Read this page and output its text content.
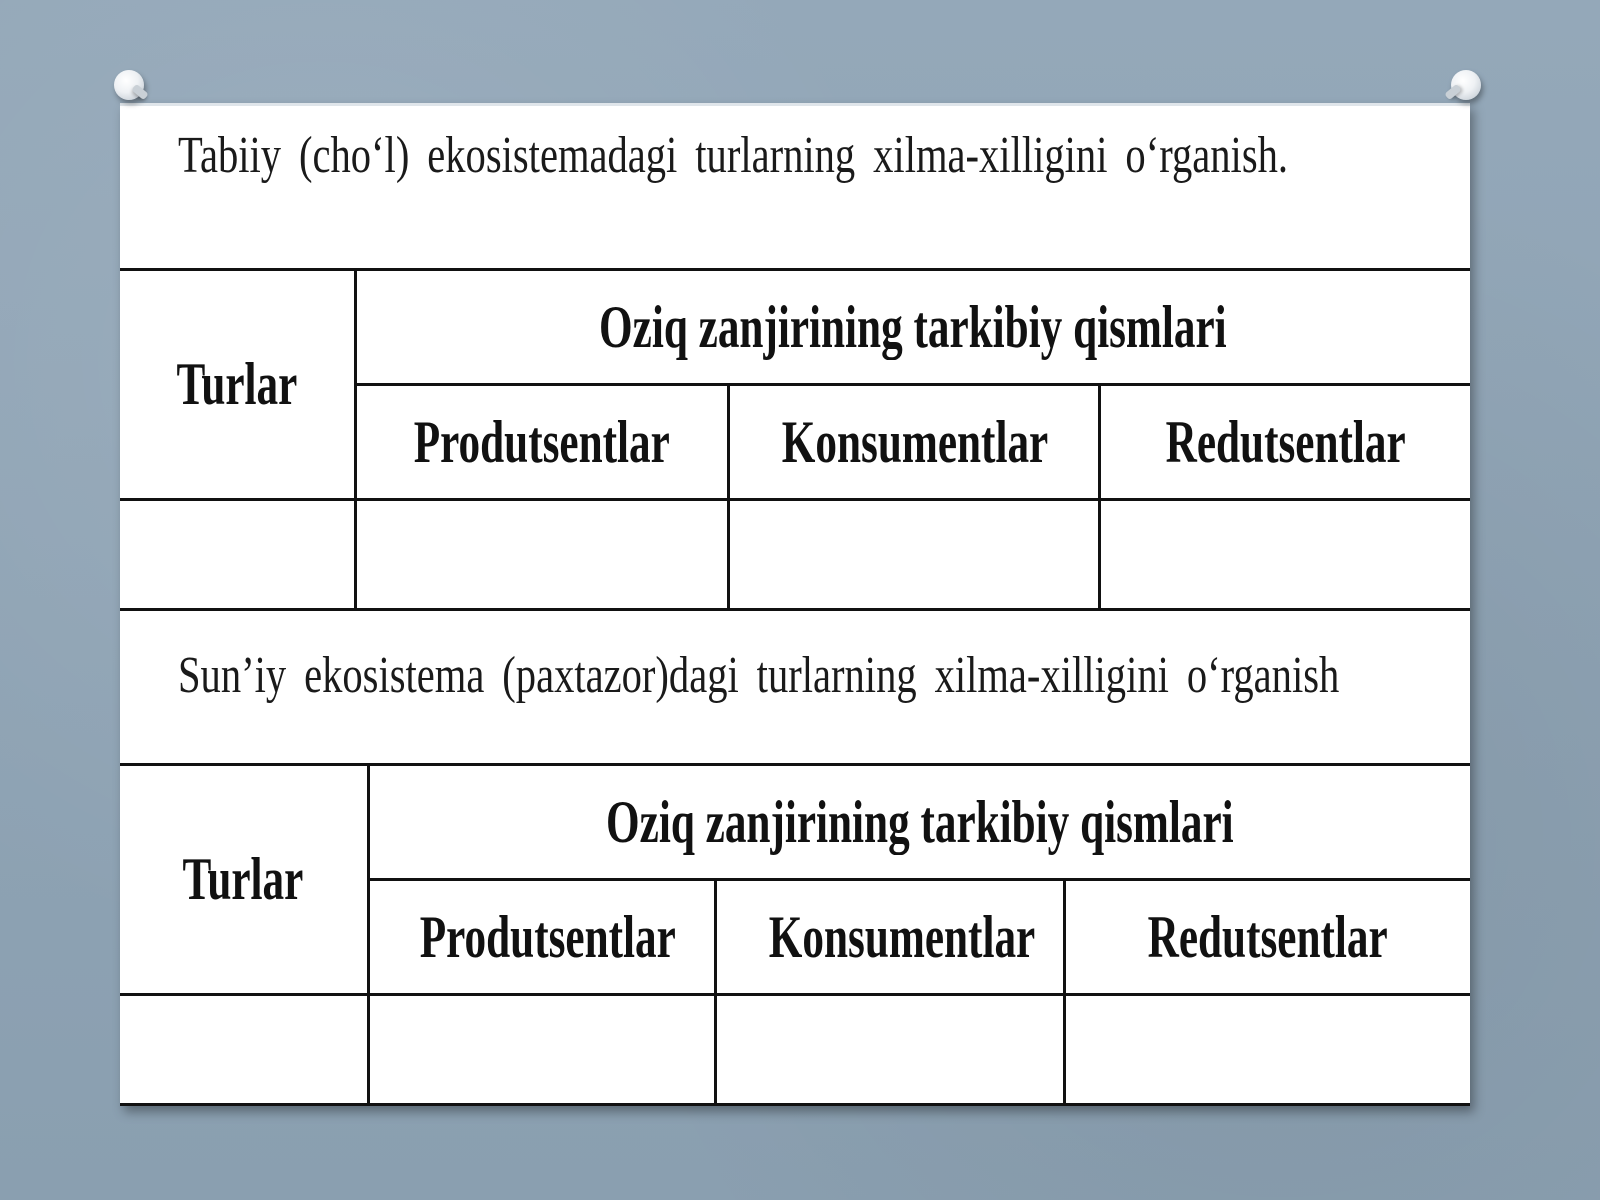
Tabiiy (cho‘l) ekosistemadagi turlarning xilma-xilligini o‘rganish.
Turlar	Oziq zanjirining tarkibiy qismlari		
	Produtsentlar	Konsumentlar	Redutsentlar

Sun’iy ekosistema (paxtazor)dagi turlarning xilma-xilligini o‘rganish
Turlar	Oziq zanjirining tarkibiy qismlari		
	Produtsentlar	Konsumentlar	Redutsentlar
